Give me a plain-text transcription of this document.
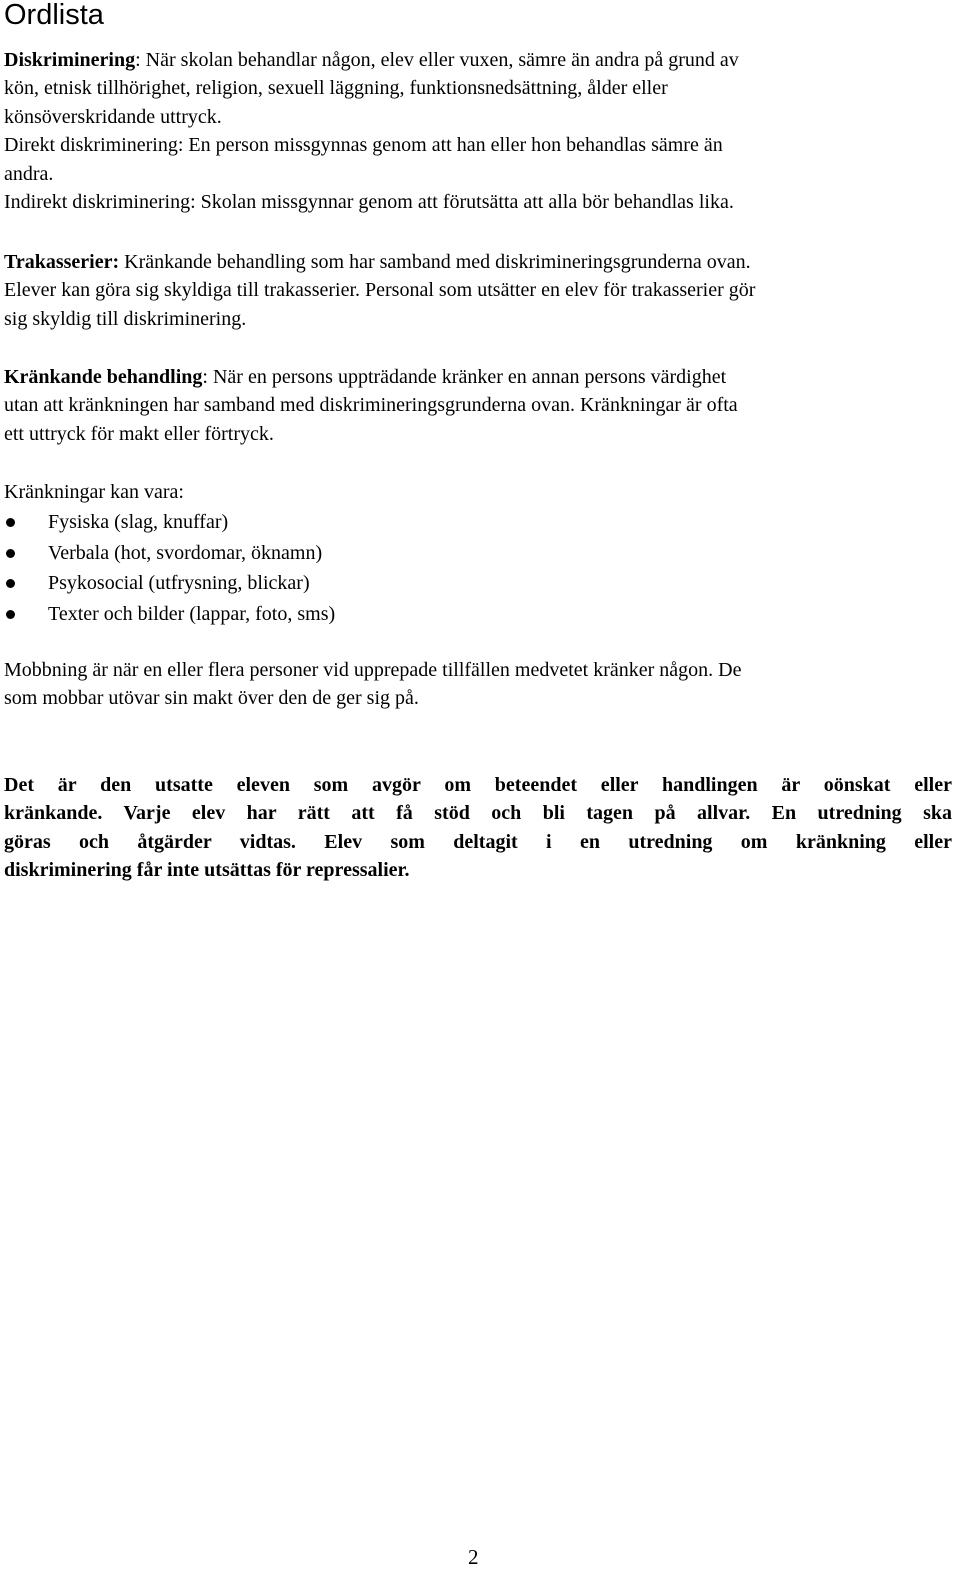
Ordlista
Diskriminering: När skolan behandlar någon, elev eller vuxen, sämre än andra på grund av
kön, etnisk tillhörighet, religion, sexuell läggning, funktionsnedsättning, ålder eller
könsöverskridande uttryck.
Direkt diskriminering: En person missgynnas genom att han eller hon behandlas sämre än
andra.
Indirekt diskriminering: Skolan missgynnar genom att förutsätta att alla bör behandlas lika.
Trakasserier: Kränkande behandling som har samband med diskrimineringsgrunderna ovan.
Elever kan göra sig skyldiga till trakasserier. Personal som utsätter en elev för trakasserier gör
sig skyldig till diskriminering.
Kränkande behandling: När en persons uppträdande kränker en annan persons värdighet
utan att kränkningen har samband med diskrimineringsgrunderna ovan. Kränkningar är ofta
ett uttryck för makt eller förtryck.
Kränkningar kan vara:
Fysiska (slag, knuffar)
Verbala (hot, svordomar, öknamn)
Psykosocial (utfrysning, blickar)
Texter och bilder (lappar, foto, sms)
Mobbning är när en eller flera personer vid upprepade tillfällen medvetet kränker någon. De
som mobbar utövar sin makt över den de ger sig på.
Det är den utsatte eleven som avgör om beteendet eller handlingen är oönskat eller
kränkande. Varje elev har rätt att få stöd och bli tagen på allvar. En utredning ska
göras och åtgärder vidtas. Elev som deltagit i en utredning om kränkning eller
diskriminering får inte utsättas för repressalier.
2
